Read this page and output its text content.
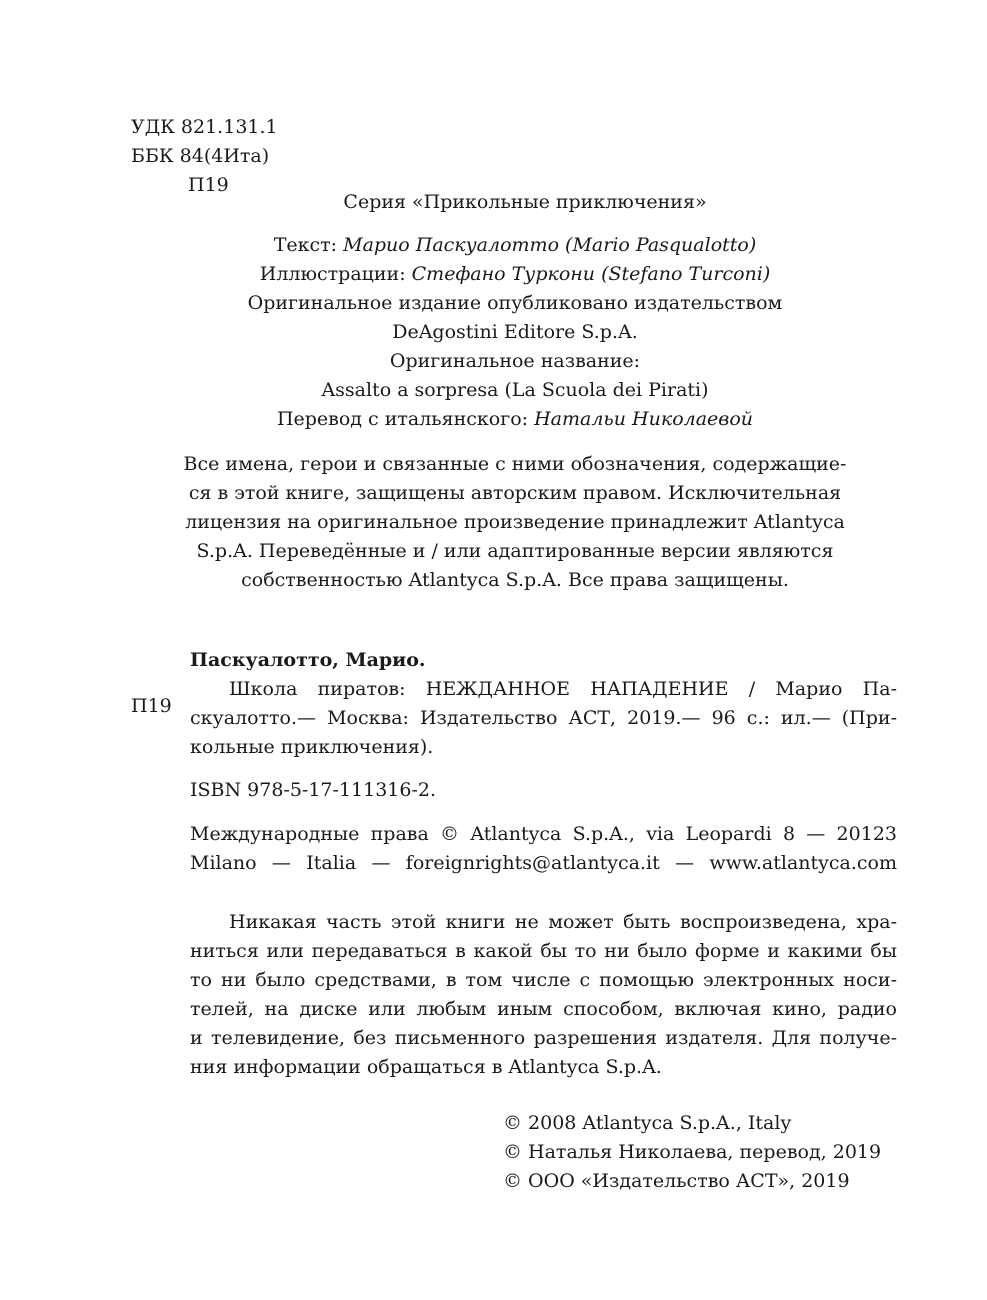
УДК 821.131.1
ББК 84(4Ита)
П19
Серия «Прикольные приключения»
Текст: Марио Паскуалотто (Mario Pasqualotto)
Иллюстрации: Стефано Туркони (Stefano Turconi)
Оригинальное издание опубликовано издательством
DeAgostini Editore S.p.A.
Оригинальное название:
Assalto a sorpresa (La Scuola dei Pirati)
Перевод с итальянского: Натальи Николаевой
Все имена, герои и связанные с ними обозначения, содержащие-
ся в этой книге, защищены авторским правом. Исключительная
лицензия на оригинальное произведение принадлежит Atlantyca
S.p.A. Переведённые и / или адаптированные версии являются
собственностью Atlantyca S.p.A. Все права защищены.
Паскуалотто, Марио.
П19
Школа пиратов: НЕЖДАННОЕ НАПАДЕНИЕ / Марио Па-
скуалотто.— Москва: Издательство АСТ, 2019.— 96 с.: ил.— (При-
кольные приключения).
ISBN 978-5-17-111316-2.
Международные права © Atlantyca S.p.A., via Leopardi 8 — 20123
Milano — Italia — foreignrights@atlantyca.it — www.atlantyca.com
Никакая часть этой книги не может быть воспроизведена, хра-
ниться или передаваться в какой бы то ни было форме и какими бы
то ни было средствами, в том числе с помощью электронных носи-
телей, на диске или любым иным способом, включая кино, радио
и телевидение, без письменного разрешения издателя. Для получе-
ния информации обращаться в Atlantyca S.p.A.
© 2008 Atlantyca S.p.A., Italy
© Наталья Николаева, перевод, 2019
© ООО «Издательство АСТ», 2019
